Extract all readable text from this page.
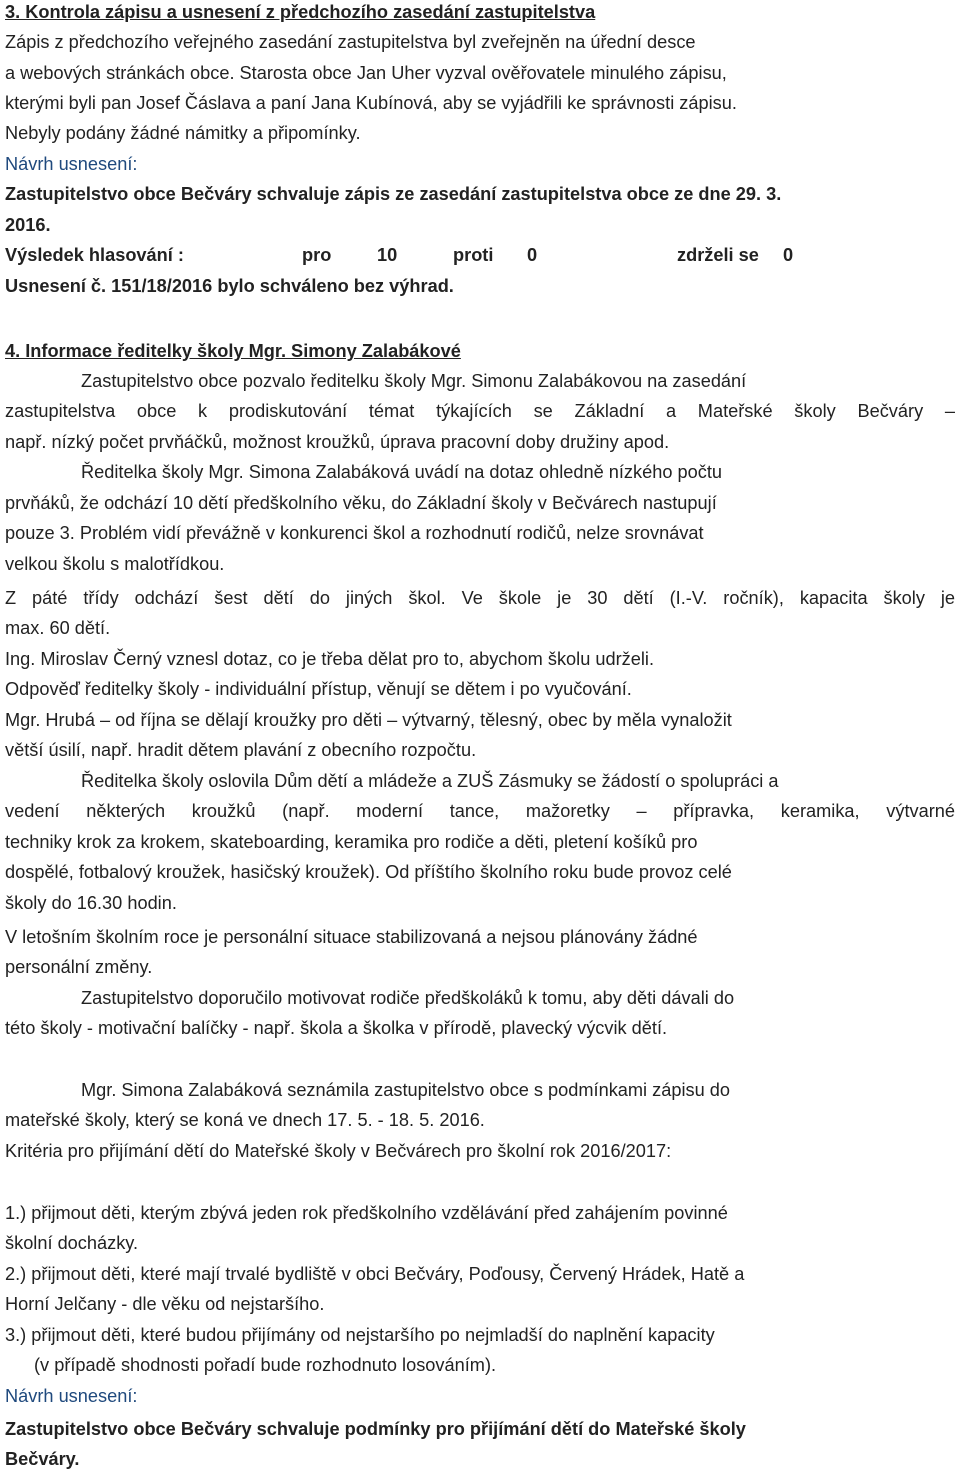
3. Kontrola zápisu a usnesení z předchozího zasedání zastupitelstva

Zápis z předchozího veřejného zasedání zastupitelstva byl zveřejněn na úřední desce

a webových stránkách obce. Starosta obce Jan Uher vyzval ověřovatele minulého zápisu,

kterými byli pan Josef Čáslava a paní Jana Kubínová, aby se vyjádřili ke správnosti zápisu.

Nebyly podány žádné námitky a připomínky.

Návrh usnesení:

Zastupitelstvo obce Bečváry schvaluje zápis ze zasedání zastupitelstva obce ze dne 29. 3.

2016.

Výsledek hlasování :	pro	10	proti 0	zdrželi se 0

Usnesení č. 151/18/2016 bylo schváleno bez výhrad.

4. Informace ředitelky školy Mgr. Simony Zalabákové

Zastupitelstvo obce pozvalo ředitelku školy Mgr. Simonu Zalabákovou na zasedání

zastupitelstva obce k prodiskutování témat týkajících se Základní a Mateřské školy Bečváry –

např. nízký počet prvňáčků, možnost kroužků, úprava pracovní doby družiny apod.

Ředitelka školy Mgr. Simona Zalabáková uvádí na dotaz ohledně nízkého počtu

prvňáků, že odchází 10 dětí předškolního věku, do Základní školy v Bečvárech nastupují

pouze 3. Problém vidí převážně v konkurenci škol a rozhodnutí rodičů, nelze srovnávat

velkou školu s malotřídkou.

Z páté třídy odchází šest dětí do jiných škol. Ve škole je 30 dětí (I.-V. ročník), kapacita školy je

max. 60 dětí.

Ing. Miroslav Černý vznesl dotaz, co je třeba dělat pro to, abychom školu udrželi.

Odpověď ředitelky školy - individuální přístup, věnují se dětem i po vyučování.

Mgr. Hrubá – od října se dělají kroužky pro děti – výtvarný, tělesný, obec by měla vynaložit

větší úsilí, např. hradit dětem plavání z obecního rozpočtu.

Ředitelka školy oslovila Dům dětí a mládeže a ZUŠ Zásmuky se žádostí o spolupráci a

vedení některých kroužků (např. moderní tance, mažoretky – přípravka, keramika, výtvarné

techniky krok za krokem, skateboarding, keramika pro rodiče a děti, pletení košíků pro

dospělé, fotbalový kroužek, hasičský kroužek). Od příštího školního roku bude provoz celé

školy do 16.30 hodin.

V letošním školním roce je personální situace stabilizovaná a nejsou plánovány žádné

personální změny.

Zastupitelstvo doporučilo motivovat rodiče předškoláků k tomu, aby děti dávali do

této školy - motivační balíčky - např. škola a školka v přírodě, plavecký výcvik dětí.

Mgr. Simona Zalabáková seznámila zastupitelstvo obce s podmínkami zápisu do

mateřské školy, který se koná ve dnech 17. 5. - 18. 5. 2016.

Kritéria pro přijímání dětí do Mateřské školy v Bečvárech pro školní rok 2016/2017:

1.) přijmout děti, kterým zbývá jeden rok předškolního vzdělávání před zahájením povinné

školní docházky.

2.) přijmout děti, které mají trvalé bydliště v obci Bečváry, Poďousy, Červený Hrádek, Hatě a

Horní Jelčany - dle věku od nejstaršího.

3.) přijmout děti, které budou přijímány od nejstaršího po nejmladší do naplnění kapacity

(v případě shodnosti pořadí bude rozhodnuto losováním).

Návrh usnesení:

Zastupitelstvo obce Bečváry schvaluje podmínky pro přijímání dětí do Mateřské školy

Bečváry.
